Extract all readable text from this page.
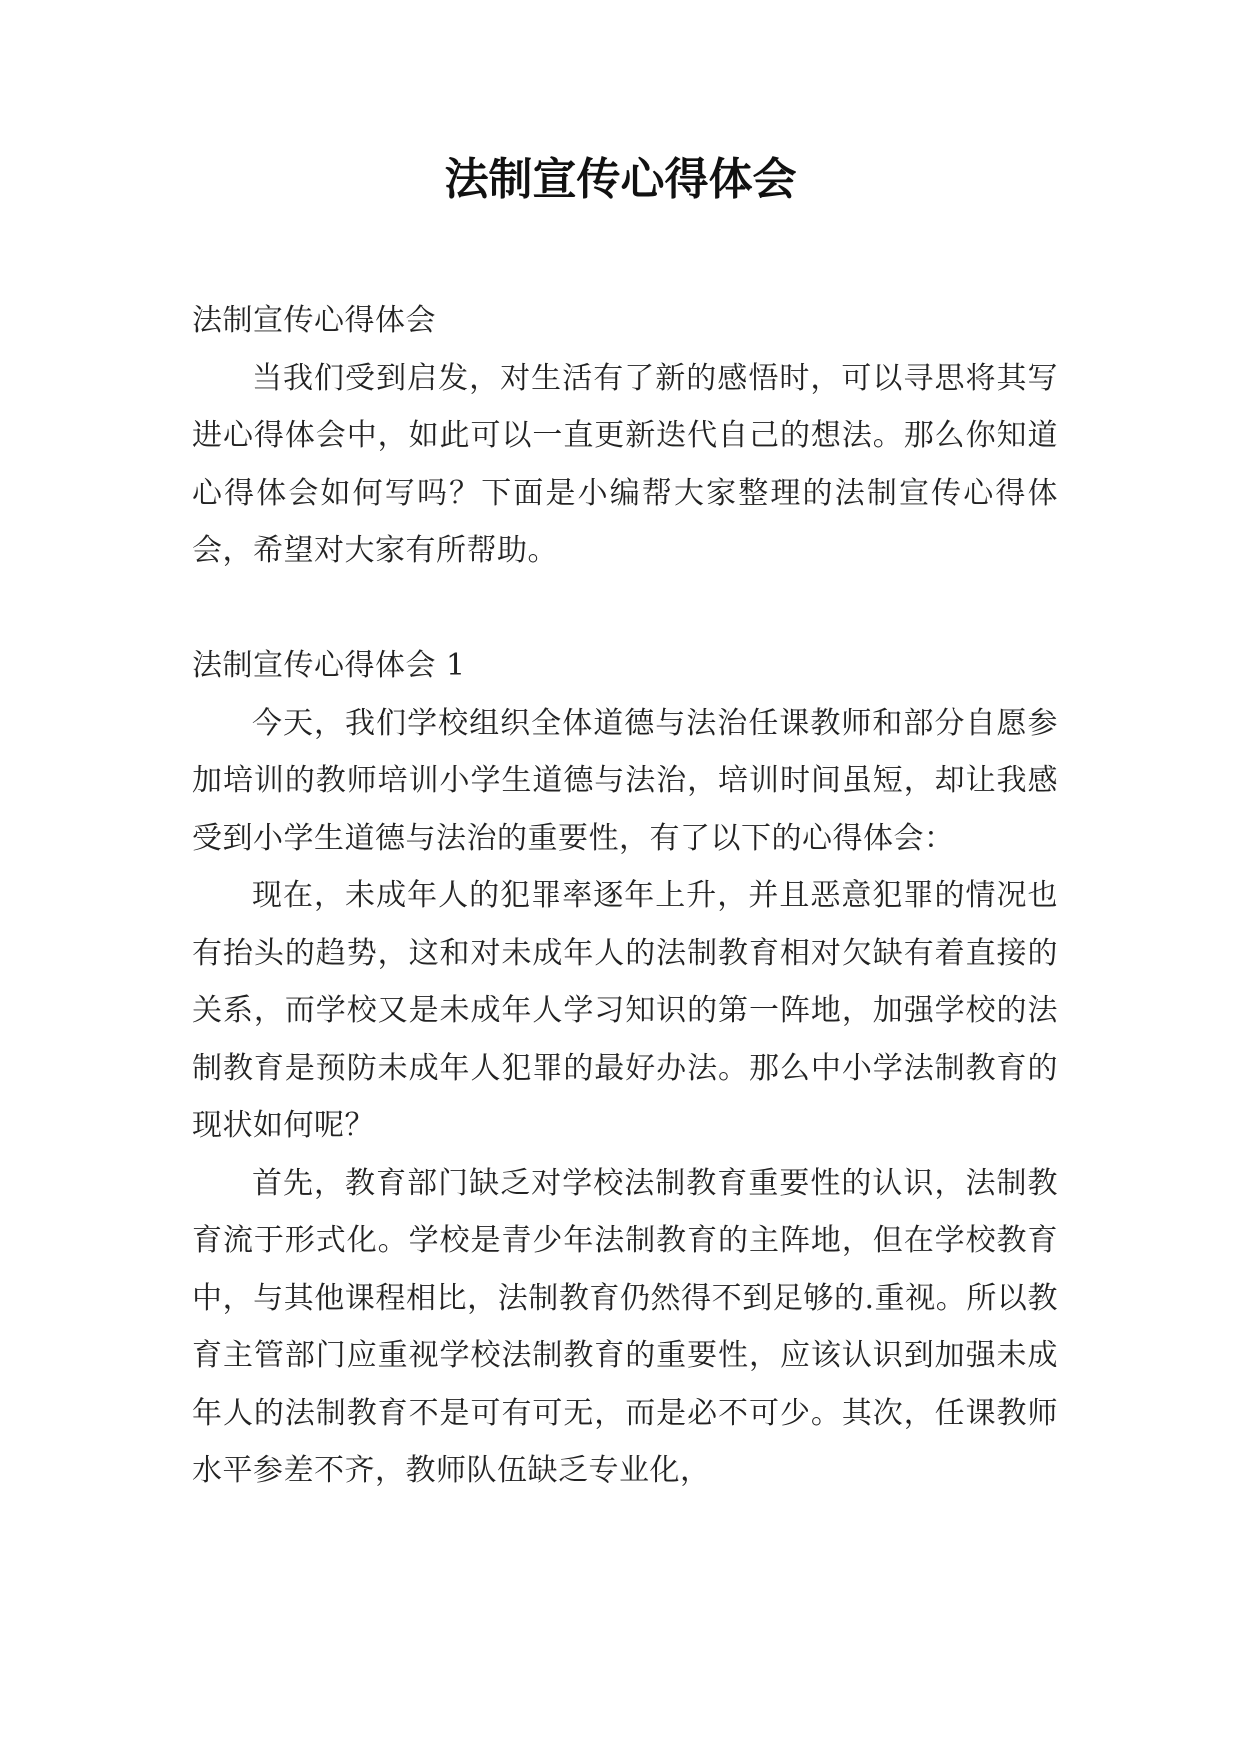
法制宣传心得体会

法制宣传心得体会

当我们受到启发，对生活有了新的感悟时，可以寻思将其写进心得体会中，如此可以一直更新迭代自己的想法。那么你知道心得体会如何写吗？下面是小编帮大家整理的法制宣传心得体会，希望对大家有所帮助。

法制宣传心得体会 1

今天，我们学校组织全体道德与法治任课教师和部分自愿参加培训的教师培训小学生道德与法治，培训时间虽短，却让我感受到小学生道德与法治的重要性，有了以下的心得体会：

现在，未成年人的犯罪率逐年上升，并且恶意犯罪的情况也有抬头的趋势，这和对未成年人的法制教育相对欠缺有着直接的关系，而学校又是未成年人学习知识的第一阵地，加强学校的法制教育是预防未成年人犯罪的最好办法。那么中小学法制教育的现状如何呢？

首先，教育部门缺乏对学校法制教育重要性的认识，法制教育流于形式化。学校是青少年法制教育的主阵地，但在学校教育中，与其他课程相比，法制教育仍然得不到足够的.重视。所以教育主管部门应重视学校法制教育的重要性，应该认识到加强未成年人的法制教育不是可有可无，而是必不可少。其次，任课教师水平参差不齐，教师队伍缺乏专业化，
